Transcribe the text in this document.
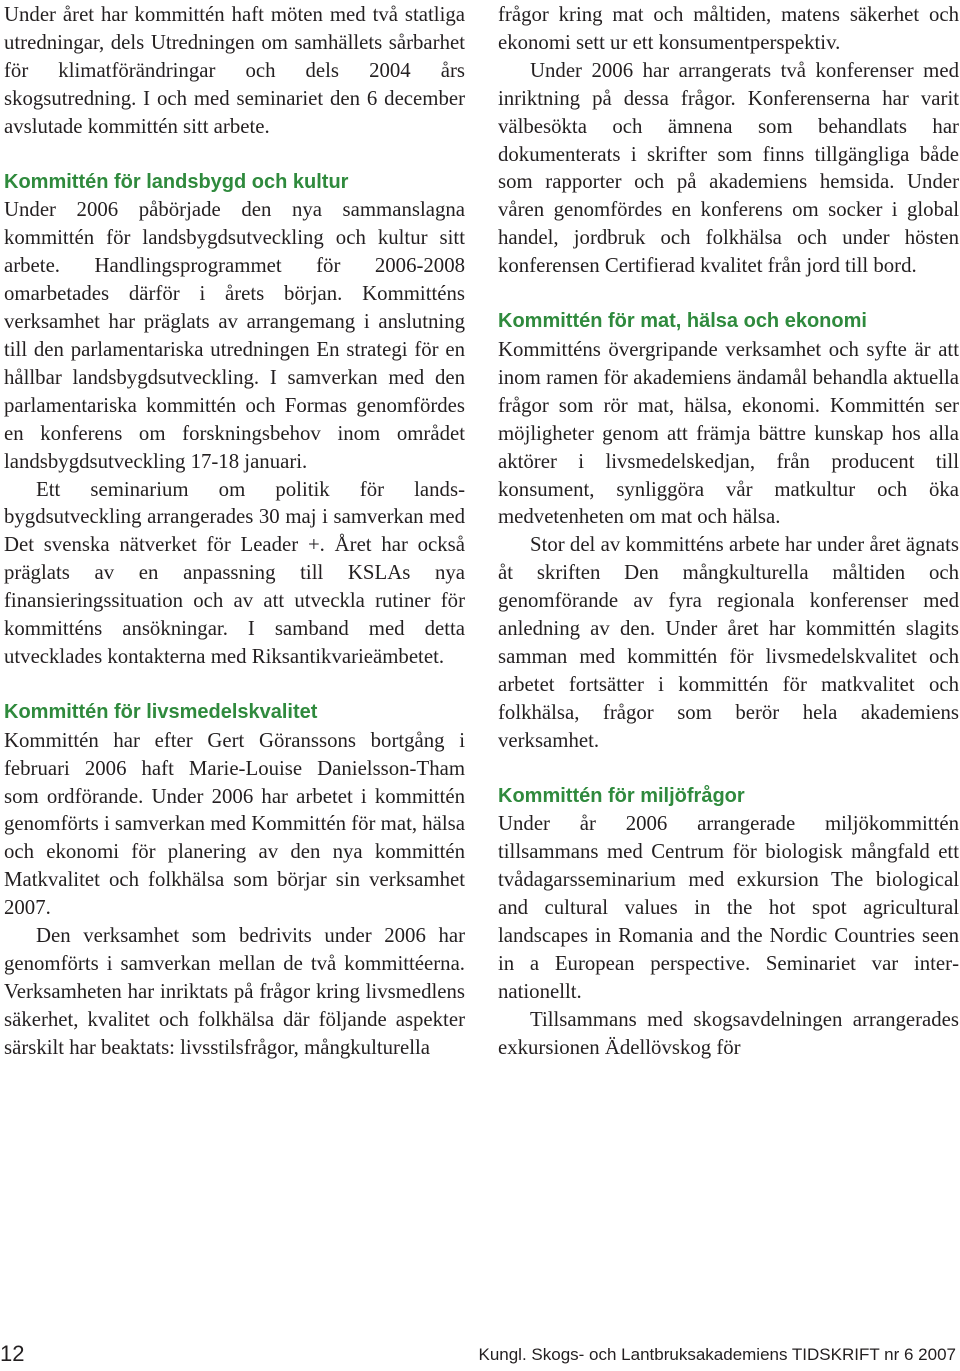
Under året har kommittén haft möten med två statliga utredningar, dels Utredningen om samhällets sårbarhet för klimatförändringar och dels 2004 års skogsutredning. I och med seminariet den 6 december avslutade kommittén sitt arbete.

Kommittén för landsbygd och kultur

Under 2006 påbörjade den nya sammanslagna kommittén för landsbygdsutveckling och kultur sitt arbete. Handlingsprogrammet för 2006-2008 omarbetades därför i årets början. Kommitténs verksamhet har präglats av arrangemang i anslutning till den parlamentariska utredningen En strategi för en hållbar landsbygdsutveckling. I samverkan med den parlamentariska kommittén och Formas genomfördes en konferens om forskningsbehov inom området landsbygdsutveckling 17-18 januari.

Ett seminarium om politik för landsbygdsutveckling arrangerades 30 maj i samverkan med Det svenska nätverket för Leader +. Året har också präglats av en anpassning till KSLAs nya finansieringssituation och av att utveckla rutiner för kommitténs ansökningar. I samband med detta utvecklades kontakterna med Riksantikvarieämbetet.

Kommittén för livsmedelskvalitet

Kommittén har efter Gert Göranssons bortgång i februari 2006 haft Marie-Louise Danielsson-Tham som ordförande. Under 2006 har arbetet i kommittén genomförts i samverkan med Kommittén för mat, hälsa och ekonomi för planering av den nya kommittén Matkvalitet och folkhälsa som börjar sin verksamhet 2007.

Den verksamhet som bedrivits under 2006 har genomförts i samverkan mellan de två kommittéerna. Verksamheten har inriktats på frågor kring livsmedlens säkerhet, kvalitet och folkhälsa där följande aspekter särskilt har beaktats: livsstilsfrågor, mångkulturella

frågor kring mat och måltiden, matens säkerhet och ekonomi sett ur ett konsumentperspektiv.

Under 2006 har arrangerats två konferenser med inriktning på dessa frågor. Konferenserna har varit välbesökta och ämnena som behandlats har dokumenterats i skrifter som finns tillgängliga både som rapporter och på akademiens hemsida. Under våren genomfördes en konferens om socker i global handel, jordbruk och folkhälsa och under hösten konferensen Certifierad kvalitet från jord till bord.

Kommittén för mat, hälsa och ekonomi

Kommitténs övergripande verksamhet och syfte är att inom ramen för akademiens ändamål behandla aktuella frågor som rör mat, hälsa, ekonomi. Kommittén ser möjligheter genom att främja bättre kunskap hos alla aktörer i livsmedelskedjan, från producent till konsument, synliggöra vår matkultur och öka medvetenheten om mat och hälsa.

Stor del av kommitténs arbete har under året ägnats åt skriften Den mångkulturella måltiden och genomförande av fyra regionala konferenser med anledning av den. Under året har kommittén slagits samman med kommittén för livsmedelskvalitet och arbetet fortsätter i kommittén för matkvalitet och folkhälsa, frågor som berör hela akademiens verksamhet.

Kommittén för miljöfrågor

Under år 2006 arrangerade miljökommittén tillsammans med Centrum för biologisk mångfald ett tvådagarsseminarium med exkursion The biological and cultural values in the hot spot agricultural landscapes in Romania and the Nordic Countries seen in a European perspective. Seminariet var internationellt.

Tillsammans med skogsavdelningen arrangerades exkursionen Ädellövskog för

12	Kungl. Skogs- och Lantbruksakademiens TIDSKRIFT nr 6 2007
